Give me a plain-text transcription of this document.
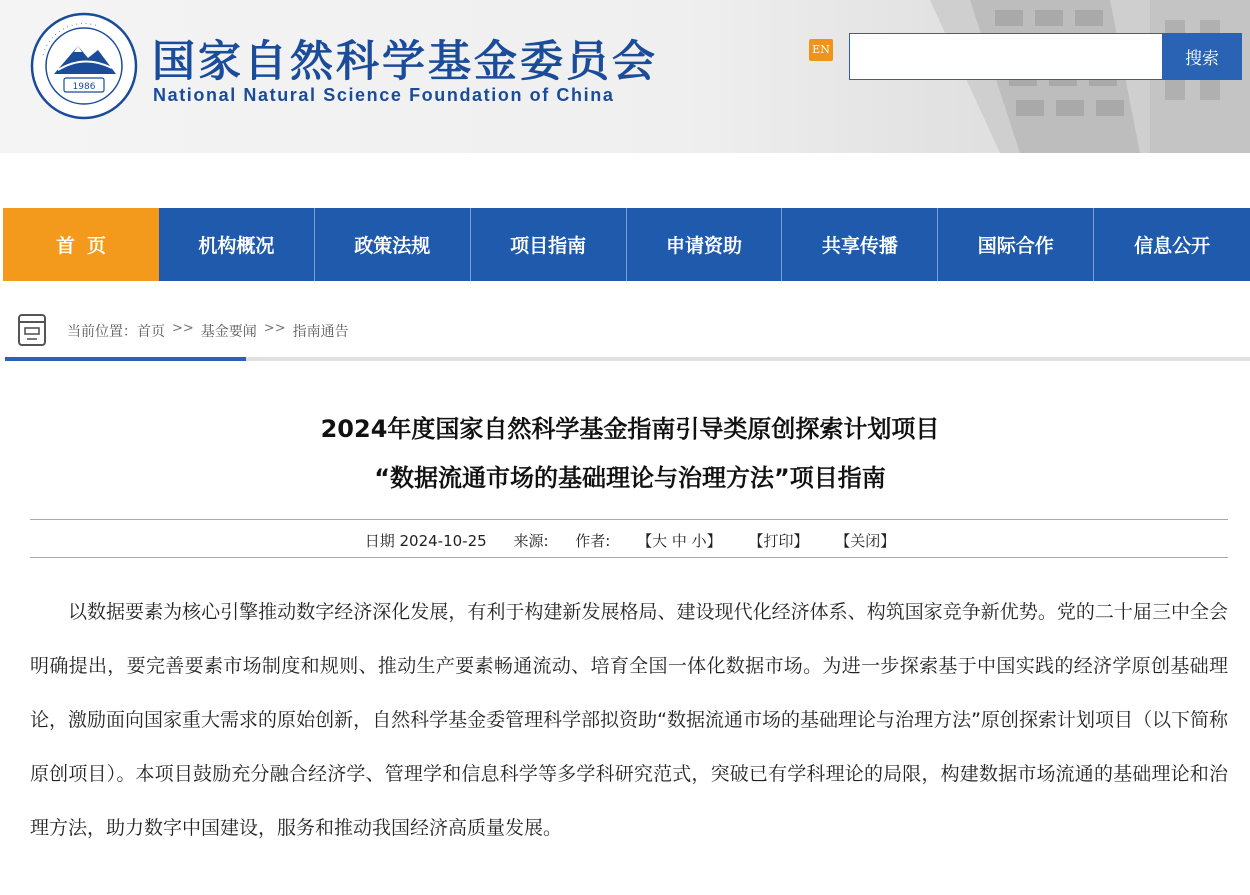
· · · · · · · · · · · · · · ·
1986 国家自然科学基金委员会
National Natural Science Foundation of China
EN	搜索
首页	机构概况	政策法规	项目指南	申请资助	共享传播	国际合作	信息公开
当前位置： 首页 >> 基金要闻 >> 指南通告
2024年度国家自然科学基金指南引导类原创探索计划项目
“数据流通市场的基础理论与治理方法”项目指南
日期 2024-10-25 来源: 作者: 【大 中 小】 【打印】 【关闭】

以数据要素为核心引擎推动数字经济深化发展，有利于构建新发展格局、建设现代化经济体系、构筑国家竞争新优势。党的二十届三中全会明确提出，要完善要素市场制度和规则、推动生产要素畅通流动、培育全国一体化数据市场。为进一步探索基于中国实践的经济学原创基础理论，激励面向国家重大需求的原始创新，自然科学基金委管理科学部拟资助“数据流通市场的基础理论与治理方法”原创探索计划项目（以下简称原创项目）。本项目鼓励充分融合经济学、管理学和信息科学等多学科研究范式，突破已有学科理论的局限，构建数据市场流通的基础理论和治理方法，助力数字中国建设，服务和推动我国经济高质量发展。
